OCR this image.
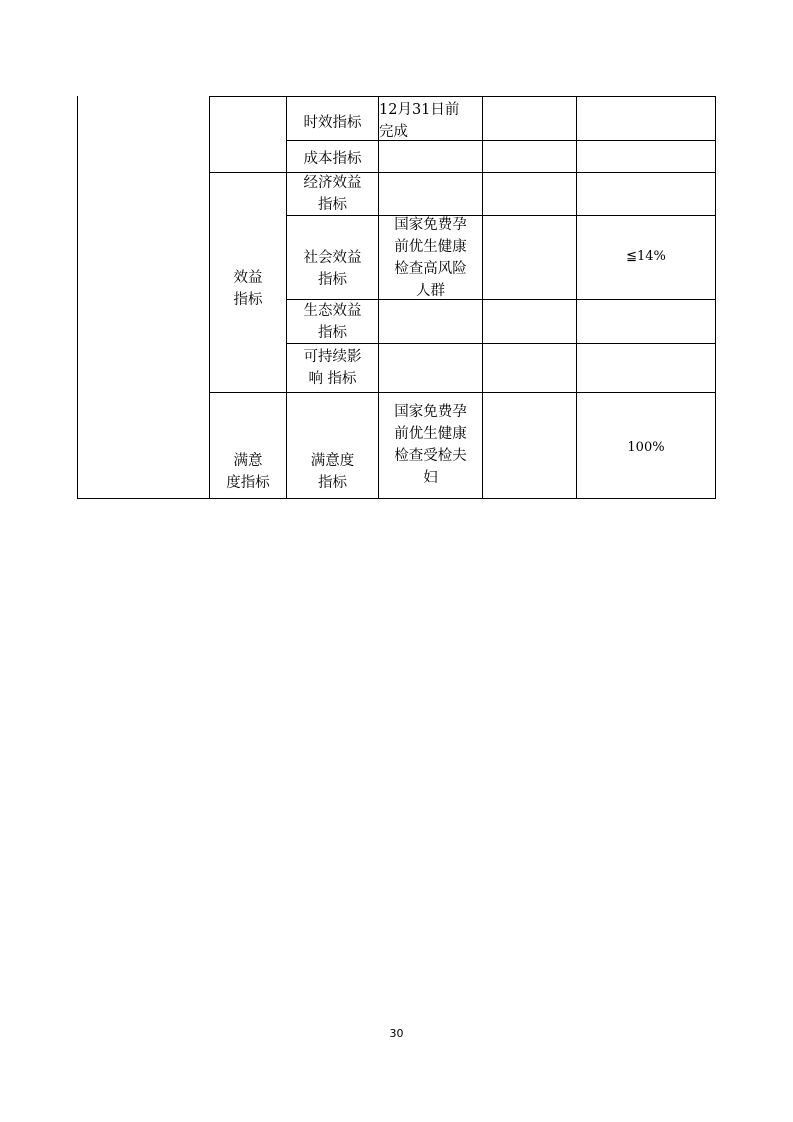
时效指标
12月31日前
完成
成本指标
效益
指标
经济效益
指标
社会效益
指标
国家免费孕
前优生健康
检查高风险
人群
≦14%
生态效益
指标
可持续影
响 指标
满意
度指标
满意度
指标
国家免费孕
前优生健康
检查受检夫
妇
100%
30
